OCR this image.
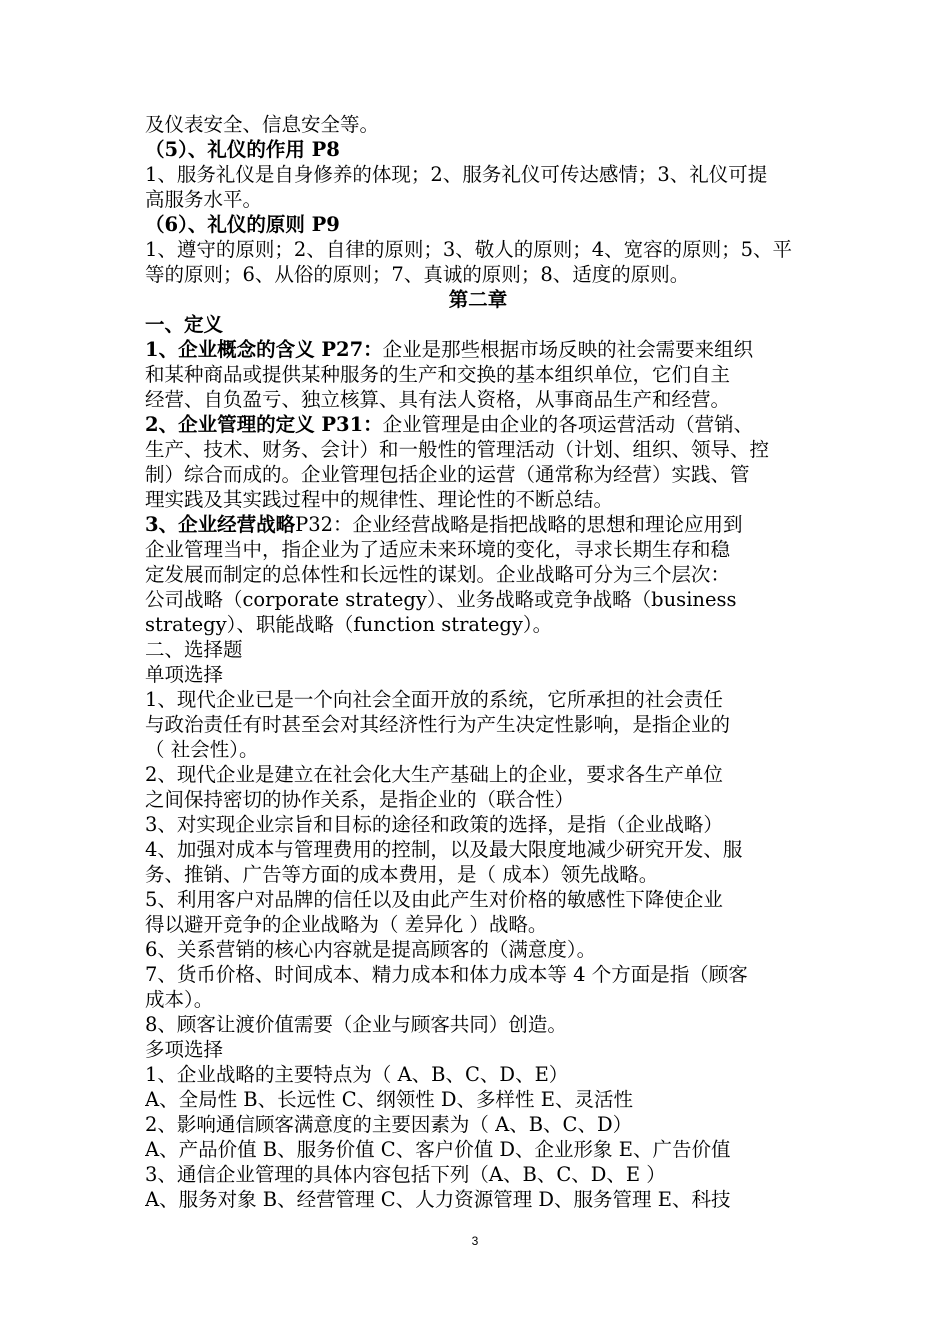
及仪表安全、信息安全等。
（5）、礼仪的作用 P8
1、服务礼仪是自身修养的体现；2、服务礼仪可传达感情；3、礼仪可提
高服务水平。
（6）、礼仪的原则 P9
1、遵守的原则；2、自律的原则；3、敬人的原则；4、宽容的原则；5、平
等的原则；6、从俗的原则；7、真诚的原则；8、适度的原则。
第二章
一、定义
1、企业概念的含义 P27：企业是那些根据市场反映的社会需要来组织
和某种商品或提供某种服务的生产和交换的基本组织单位，它们自主
经营、自负盈亏、独立核算、具有法人资格，从事商品生产和经营。
2、企业管理的定义 P31：企业管理是由企业的各项运营活动（营销、
生产、技术、财务、会计）和一般性的管理活动（计划、组织、领导、控
制）综合而成的。企业管理包括企业的运营（通常称为经营）实践、管
理实践及其实践过程中的规律性、理论性的不断总结。
3、企业经营战略P32：企业经营战略是指把战略的思想和理论应用到
企业管理当中，指企业为了适应未来环境的变化，寻求长期生存和稳
定发展而制定的总体性和长远性的谋划。企业战略可分为三个层次：
公司战略（corporate strategy）、业务战略或竞争战略（business
strategy）、职能战略（function strategy）。
二、选择题
单项选择
1、现代企业已是一个向社会全面开放的系统，它所承担的社会责任
与政治责任有时甚至会对其经济性行为产生决定性影响，是指企业的
（ 社会性）。
2、现代企业是建立在社会化大生产基础上的企业，要求各生产单位
之间保持密切的协作关系，是指企业的（联合性）
3、对实现企业宗旨和目标的途径和政策的选择，是指（企业战略）
4、加强对成本与管理费用的控制，以及最大限度地减少研究开发、服
务、推销、广告等方面的成本费用，是（ 成本）领先战略。
5、利用客户对品牌的信任以及由此产生对价格的敏感性下降使企业
得以避开竞争的企业战略为（ 差异化 ）战略。
6、关系营销的核心内容就是提高顾客的（满意度）。
7、货币价格、时间成本、精力成本和体力成本等 4 个方面是指（顾客
成本）。
8、顾客让渡价值需要（企业与顾客共同）创造。
多项选择
1、企业战略的主要特点为（ A、B、C、D、E）
A、全局性 B、长远性 C、纲领性 D、多样性 E、灵活性
2、影响通信顾客满意度的主要因素为（ A、B、C、D）
A、产品价值 B、服务价值 C、客户价值 D、企业形象 E、广告价值
3、通信企业管理的具体内容包括下列（A、B、C、D、E ）
A、服务对象 B、经营管理 C、人力资源管理 D、服务管理 E、科技
3
